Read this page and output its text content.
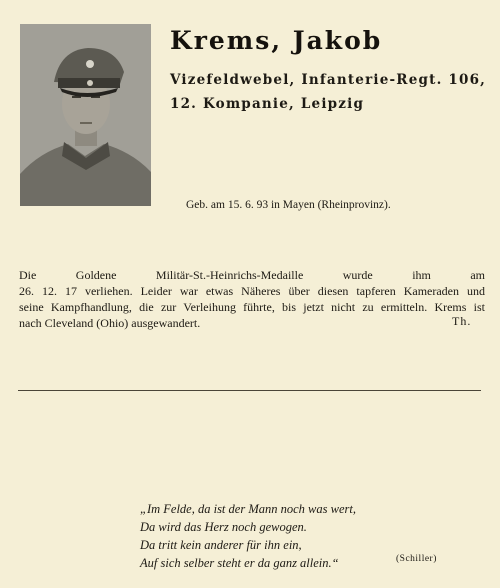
Krems, Jakob
Vizefeldwebel, Infanterie-Regt. 106,
12. Kompanie, Leipzig
Geb. am 15. 6. 93 in Mayen (Rheinprovinz).
Die Goldene Militär-St.-Heinrichs-Medaille wurde ihm am
26. 12. 17 verliehen. Leider war etwas Näheres über diesen tapferen Kameraden und
seine Kampfhandlung, die zur Verleihung führte, bis jetzt nicht zu ermitteln. Krems ist
nach Cleveland (Ohio) ausgewandert.	Th.
„Im Felde, da ist der Mann noch was wert,
Da wird das Herz noch gewogen.
Da tritt kein anderer für ihn ein,
Auf sich selber steht er da ganz allein.“	(Schiller)
